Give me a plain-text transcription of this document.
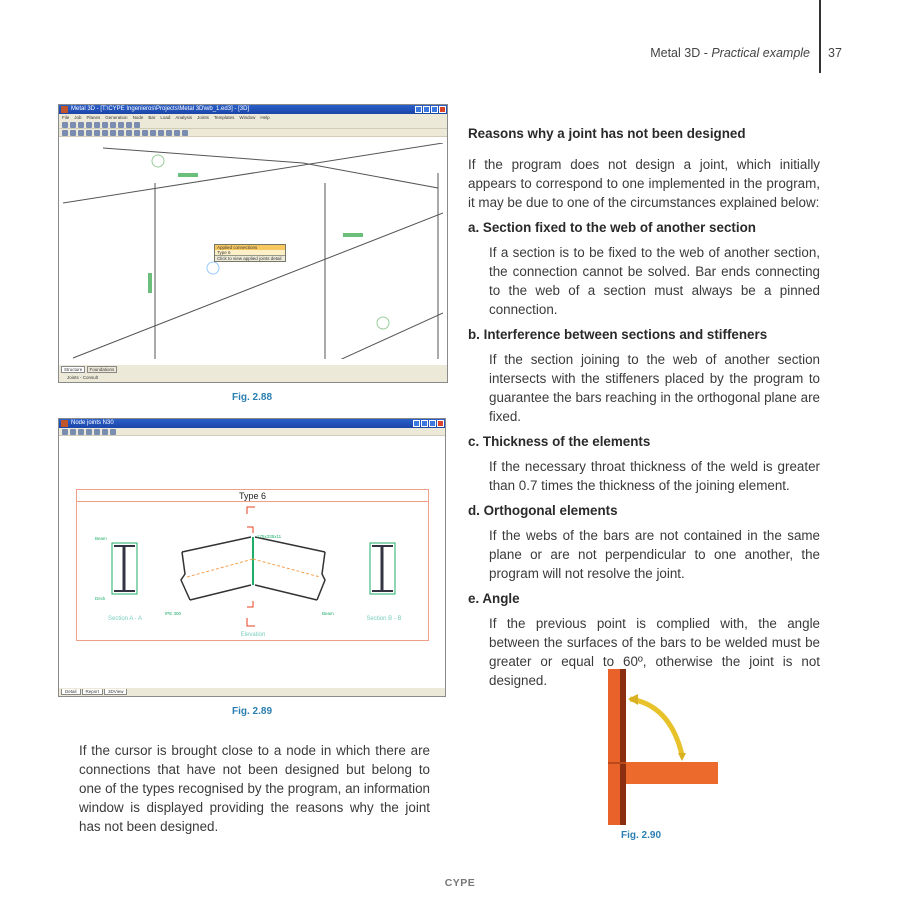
Metal 3D - Practical example 37
Metal 3D - [T:\CYPE Ingenieros\Projects\Metal 3D\wb_1.ed3] - [3D]
File Job Planes Generation Node Bar Load Analysis Joints Templates Window Help
Applied connections
Type 6
Click to view applied joints detail
Structure Foundations
Joints - Consult
Fig. 2.88
Node joints N30
Type 6
Beam
Deck
175x335x11
IPE 300	Beam
Section A - A	Section B - B
Elevation
Detail Report 3DView
Fig. 2.89

If the cursor is brought close to a node in which there are connections that have not been designed but belong to one of the types recognised by the program, an information window is displayed providing the reasons why the joint has not been designed.

Reasons why a joint has not been designed

If the program does not design a joint, which initially appears to correspond to one implemented in the program, it may be due to one of the circumstances explained below:

a. Section fixed to the web of another section

If a section is to be fixed to the web of another section, the connection cannot be solved. Bar ends connecting to the web of a section must always be a pinned connection.

b. Interference between sections and stiffeners

If the section joining to the web of another section intersects with the stiffeners placed by the program to guarantee the bars reaching in the orthogonal plane are fixed.

c. Thickness of the elements

If the necessary throat thickness of the weld is greater than 0.7 times the thickness of the joining element.

d. Orthogonal elements

If the webs of the bars are not contained in the same plane or are not perpendicular to one another, the program will not resolve the joint.

e. Angle

If the previous point is complied with, the angle between the surfaces of the bars to be welded must be greater or equal to 60º, otherwise the joint is not designed.

Fig. 2.90
CYPE
